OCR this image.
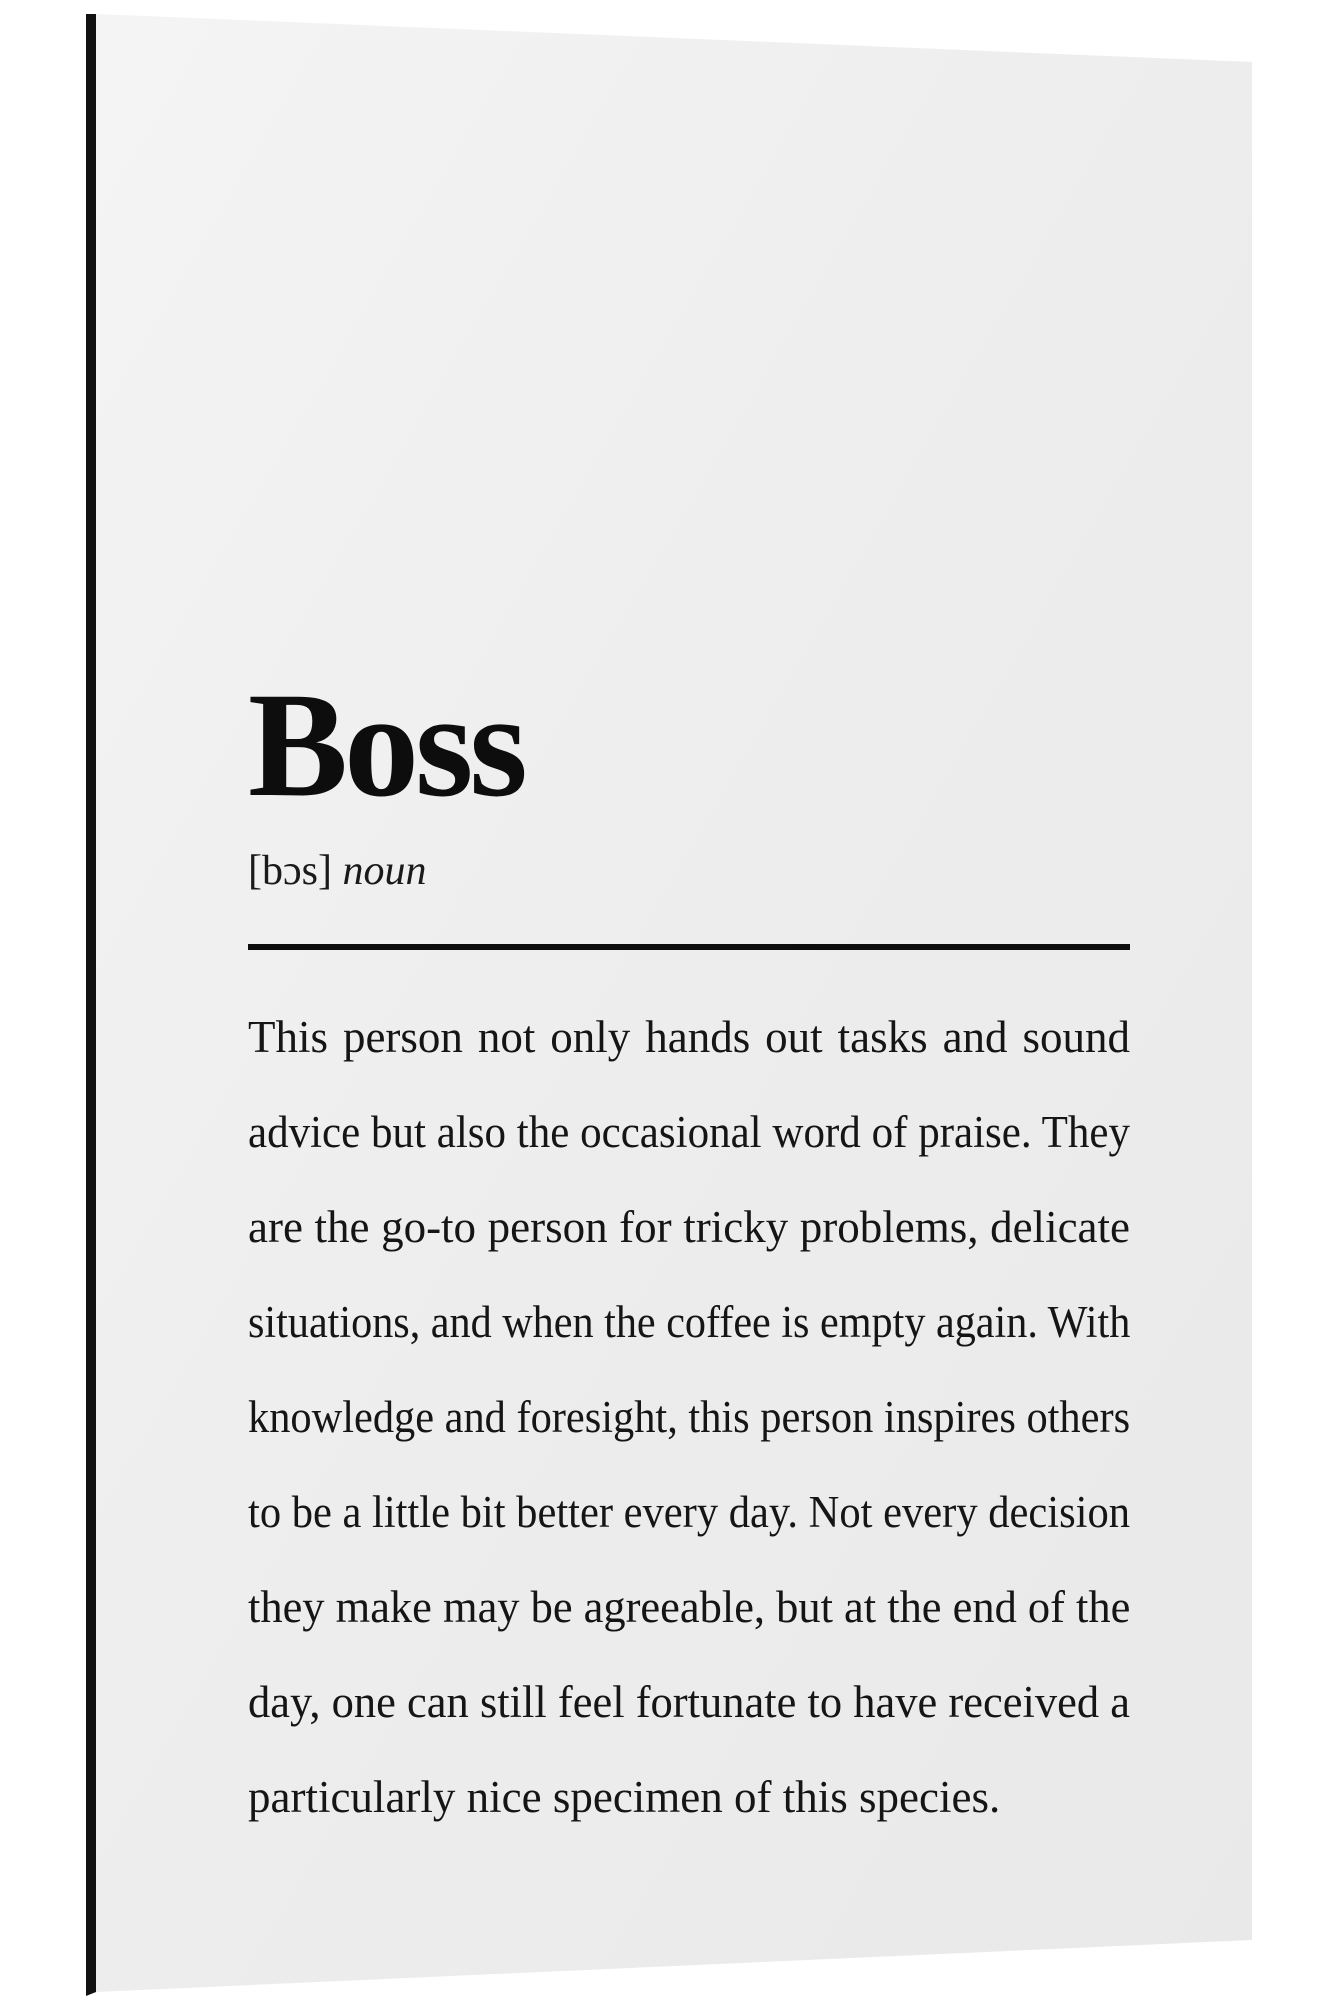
Boss
[bɔs] noun
This person not only hands out tasks and sound
advice but also the occasional word of praise. They
are the go-to person for tricky problems, delicate
situations, and when the coffee is empty again. With
knowledge and foresight, this person inspires others
to be a little bit better every day. Not every decision
they make may be agreeable, but at the end of the
day, one can still feel fortunate to have received a
particularly nice specimen of this species.
